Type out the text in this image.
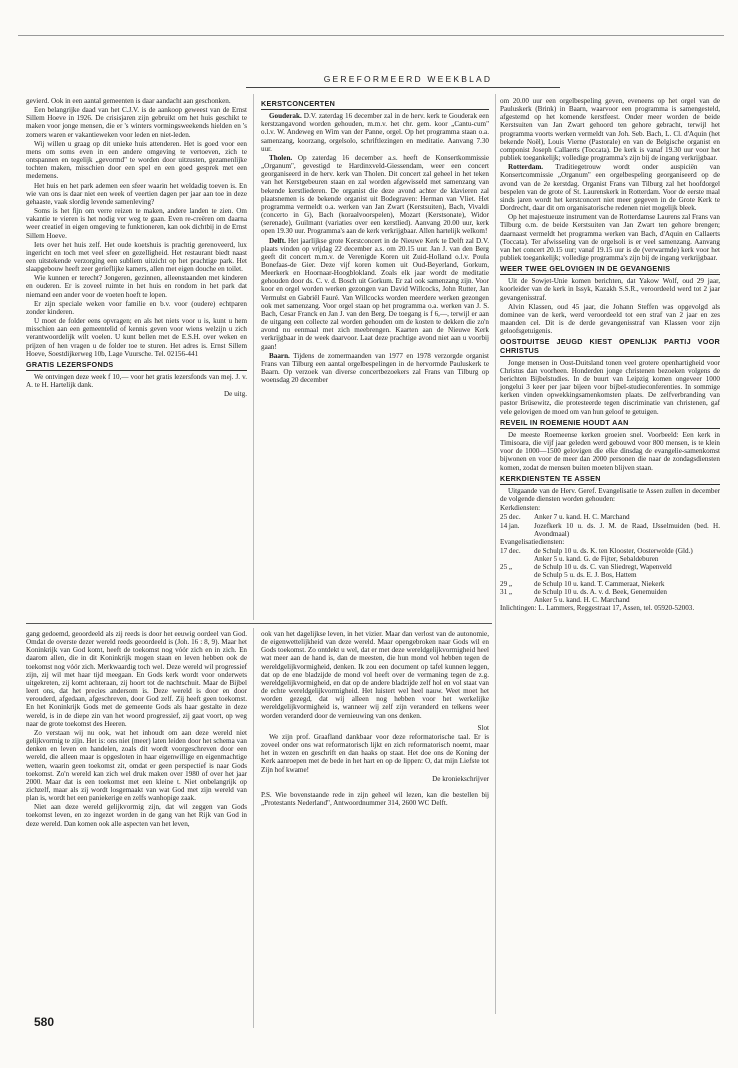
GEREFORMEERD WEEKBLAD

gevierd. Ook in een aantal gemeenten is daar aandacht aan geschonken.

Een belangrijke daad van het C.J.V. is de aankoop geweest van de Ernst Sillem Hoeve in 1926. De crisisjaren zijn gebruikt om het huis geschikt te maken voor jonge mensen, die er 's winters vormingsweekends hielden en 's zomers waren er vakantieweken voor leden en niet-leden.

Wij willen u graag op dit unieke huis attenderen. Het is goed voor een mens om soms even in een andere omgeving te vertoeven, zich te ontspannen en tegelijk „gevormd" te worden door uitzusten, gezamenlijke tochten maken, misschien door een spel en een goed gesprek met een medemens.

Het huis en het park ademen een sfeer waarin het weldadig toeven is. En wie van ons is daar niet een week of veertien dagen per jaar aan toe in deze gehaaste, vaak slordig levende samenleving?

Soms is het fijn om verre reizen te maken, andere landen te zien. Om vakantie te vieren is het nodig ver weg te gaan. Even re-creëren om daarna weer creatief in eigen omgeving te funktioneren, kan ook dichtbij in de Ernst Sillem Hoeve.

Iets over het huis zelf. Het oude koetshuis is prachtig gerenoveerd, lux ingericht en toch met veel sfeer en gezelligheid. Het restaurant biedt naast een uitstekende verzorging een subliem uitzicht op het prachtige park. Het slaapgebouw heeft zeer gerieflijke kamers, allen met eigen douche en toilet.

Wie kunnen er terecht? Jongeren, gezinnen, alleenstaanden met kinderen en ouderen. Er is zoveel ruimte in het huis en rondom in het park dat niemand een ander voor de voeten hoeft te lopen.

Er zijn speciale weken voor familie en b.v. voor (oudere) echtparen zonder kinderen.

U moet de folder eens opvragen; en als het niets voor u is, kunt u hem misschien aan een gemeentelid of kennis geven voor wiens welzijn u zich verantwoordelijk wilt voelen. U kunt bellen met de E.S.H. over weken en prijzen of hen vragen u de folder toe te sturen. Het adres is. Ernst Sillem Hoeve, Soestdijkerweg 10b, Lage Vuursche. Tel. 02156-441

GRATIS LEZERSFONDS

We ontvingen deze week f 10,— voor het gratis lezersfonds van mej. J. v. A. te H. Hartelijk dank.

De uitg.

KERSTCONCERTEN

Gouderak. D.V. zaterdag 16 december zal in de herv. kerk te Gouderak een kerstzangavond worden gehouden, m.m.v. het chr. gem. koor „Cantu-cum" o.l.v. W. Andeweg en Wim van der Panne, orgel. Op het programma staan o.a. samenzang, koorzang, orgelsolo, schriftlezingen en meditatie. Aanvang 7.30 uur.

Tholen. Op zaterdag 16 december a.s. heeft de Konsertkommissie „Organum", gevestigd te Hardinxveld-Giessendam, weer een concert georganiseerd in de herv. kerk van Tholen. Dit concert zal geheel in het teken van het Kerstgebeuren staan en zal worden afgewisseld met samenzang van bekende kerstliederen. De organist die deze avond achter de klavieren zal plaatsnemen is de bekende organist uit Bodegraven: Herman van Vliet. Het programma vermeldt o.a. werken van Jan Zwart (Kerstsuiten), Bach, Vivaldi (concerto in G), Bach (koraalvoorspelen), Mozart (Kerstsonate), Widor (serenade), Guilmant (variaties over een kerstlied). Aanvang 20.00 uur, kerk open 19.30 uur. Programma's aan de kerk verkrijgbaar. Allen hartelijk welkom!

Delft. Het jaarlijkse grote Kerstconcert in de Nieuwe Kerk te Delft zal D.V. plaats vinden op vrijdag 22 december a.s. om 20.15 uur. Jan J. van den Berg geeft dit concert m.m.v. de Verenigde Koren uit Zuid-Holland o.l.v. Poula Bonefaas-de Gier. Deze vijf koren komen uit Oud-Beyerland, Gorkum, Meerkerk en Hoornaar-Hoogblokland. Zoals elk jaar wordt de meditatie gehouden door ds. C. v. d. Bosch uit Gorkum. Er zal ook samenzang zijn. Voor koor en orgel worden werken gezongen van David Willcocks, John Rutter, Jan Vermulst en Gabriël Fauré. Van Willcocks worden meerdere werken gezongen ook met samenzang. Voor orgel staan op het programma o.a. werken van J. S. Bach, Cesar Franck en Jan J. van den Berg. De toegang is f 6,—, terwijl er aan de uitgang een collecte zal worden gehouden om de kosten te dekken die zo'n avond nu eenmaal met zich meebrengen. Kaarten aan de Nieuwe Kerk verkrijgbaar in de week daarvoor. Laat deze prachtige avond niet aan u voorbij gaan!

Baarn. Tijdens de zomermaanden van 1977 en 1978 verzorgde organist Frans van Tilburg een aantal orgelbespelingen in de hervormde Pauluskerk te Baarn. Op verzoek van diverse concertbezoekers zal Frans van Tilburg op woensdag 20 december

om 20.00 uur een orgelbespeling geven, eveneens op het orgel van de Pauluskerk (Brink) in Baarn, waarvoor een programma is samengesteld, afgestemd op het komende kerstfeest. Onder meer worden de beide Kerstsuiten van Jan Zwart gehoord ten gehore gebracht, terwijl het programma voorts werken vermeldt van Joh. Seb. Bach, L. Cl. d'Aquin (het bekende Noël), Louis Vierne (Pastorale) en van de Belgische organist en componist Joseph Callaerts (Toccata). De kerk is vanaf 19.30 uur voor het publiek toegankelijk; volledige programma's zijn bij de ingang verkrijgbaar.

Rotterdam. Traditiegetrouw wordt onder auspiciën van Konsertcommissie „Organum" een orgelbespeling georganiseerd op de avond van de 2e kerstdag. Organist Frans van Tilburg zal het hoofdorgel bespelen van de grote of St. Laurenskerk in Rotterdam. Voor de eerste maal sinds jaren wordt het kerstconcert niet meer gegeven in de Grote Kerk te Dordrecht, daar dit om organisatorische redenen niet mogelijk bleek.

Op het majestueuze instrument van de Rotterdamse Laurens zal Frans van Tilburg o.m. de beide Kerstsuiten van Jan Zwart ten gehore brengen; daarnaast vermeldt het programma werken van Bach, d'Aquin en Callaerts (Toccata). Ter afwisseling van de orgelsoli is er veel samenzang. Aanvang van het concert 20.15 uur; vanaf 19.15 uur is de (verwarmde) kerk voor het publiek toegankelijk; volledige programma's zijn bij de ingang verkrijgbaar.

WEER TWEE GELOVIGEN IN DE GEVANGENIS

Uit de Sowjet-Unie komen berichten, dat Yakow Wolf, oud 29 jaar, koorleider van de kerk in Issyk, Kazakh S.S.R., veroordeeld werd tot 2 jaar gevangenisstraf.

Alvin Klassen, oud 45 jaar, die Johann Steffen was opgevolgd als dominee van de kerk, werd veroordeeld tot een straf van 2 jaar en zes maanden cel. Dit is de derde gevangenisstraf van Klassen voor zijn geloofsgetuigenis.

OOSTDUITSE JEUGD KIEST OPENLIJK PARTIJ VOOR CHRISTUS

Jonge mensen in Oost-Duitsland tonen veel grotere openhartigheid voor Christus dan voorheen. Honderden jonge christenen bezoeken volgens de berichten Bijbelstudies. In de buurt van Leipzig komen ongeveer 1000 jongelui 3 keer per jaar bijeen voor bijbel-studieconferenties. In sommige kerken vinden opwekkingsamenkomsten plaats. De zelfverbranding van pastor Brüsewitz, die protesteerde tegen discriminatie van christenen, gaf vele gelovigen de moed om van hun geloof te getuigen.

REVEIL IN ROEMENIE HOUDT AAN

De meeste Roemeense kerken groeien snel. Voorbeeld: Een kerk in Timisoara, die vijf jaar geleden werd gebouwd voor 800 mensen, is te klein voor de 1000—1500 gelovigen die elke dinsdag de evangelie-samenkomst bijwonen en voor de meer dan 2000 personen die naar de zondagsdiensten komen, zodat de mensen buiten moeten blijven staan.

KERKDIENSTEN TE ASSEN

Uitgaande van de Herv. Geref. Evangelisatie te Assen zullen in december de volgende diensten worden gehouden:

Kerkdiensten:

25 dec.	Anker 7 u. kand. H. C. Marchand
14 jan.	Jozefkerk 10 u. ds. J. M. de Raad, IJsselmuiden (bed. H. Avondmaal)

Evangelisatiediensten:

17 dec.	de Schulp 10 u. ds. K. ten Klooster, Oosterwolde (Gld.)
Anker 5 u. kand. G. de Fijter, Sebaldeburen
25 „	de Schulp 10 u. ds. C. van Sliedregt, Wapenveld
de Schulp 5 u. ds. E. J. Bos, Hattem
29 „	de Schulp 10 u. kand. T. Cammeraat, Niekerk
31 „	de Schulp 10 u. ds. A. v. d. Beek, Genemuiden
Anker 5 u. kand. H. C. Marchand

Inlichtingen: L. Lammers, Reggestraat 17, Assen, tel. 05920-52003.

gang gedoemd, geoordeeld als zij reeds is door het eeuwig oordeel van God. Omdat de overste dezer wereld reeds geoordeeld is (Joh. 16 : 8, 9). Maar het Koninkrijk van God komt, heeft de toekomst nog vóór zich en in zich. En daarom allen, die in dit Koninkrijk mogen staan en leven hebben ook de toekomst nog vóór zich. Merkwaardig toch wel. Deze wereld wil progressief zijn, zij wil met haar tijd meegaan. En Gods kerk wordt voor onderwets uitgekreten, zij komt achteraan, zij hoort tot de nachtschuit. Maar de Bijbel leert ons, dat het precies andersom is. Deze wereld is door en door verouderd, afgedaan, afgeschreven, door God zelf. Zij heeft geen toekomst. En het Koninkrijk Gods met de gemeente Gods als haar gestalte in deze wereld, is in de diepe zin van het woord progressief, zij gaat voort, op weg naar de grote toekomst des Heeren.

Zo verstaan wij nu ook, wat het inhoudt om aan deze wereld niet gelijkvormig te zijn. Het is: ons niet (meer) laten leiden door het schema van denken en leven en handelen, zoals dit wordt voorgeschreven door een wereld, die alleen maar is opgesloten in haar eigenwillige en eigenmachtige wetten, waarin geen toekomst zit, omdat er geen perspectief is naar Gods toekomst. Zo'n wereld kan zich wel druk maken over 1980 of over het jaar 2000. Maar dat is een toekomst met een kleine t. Niet onbelangrijk op zichzelf, maar als zij wordt losgemaakt van wat God met zijn wereld van plan is, wordt het een paniekerige en zelfs wanhopige zaak.

Niet aan deze wereld gelijkvormig zijn, dat wil zeggen van Gods toekomst leven, en zo ingezet worden in de gang van het Rijk van God in deze wereld. Dan komen ook alle aspecten van het leven,

ook van het dagelijkse leven, in het vizier. Maar dan verlost van de autonomie, de eigenwettelijkheid van deze wereld. Maar opengebroken naar Gods wil en Gods toekomst. Zo ontdekt u wel, dat er met deze wereldgelijkvormigheid heel wat meer aan de hand is, dan de meesten, die hun mond vol hebben tegen de wereldgelijkvormigheid, denken. Ik zou een document op tafel kunnen leggen, dat op de ene bladzijde de mond vol heeft over de vermaning tegen de z.g. wereldgelijkvormigheid, en dat op de andere bladzijde zelf hol en vol staat van de echte wereldgelijkvormigheid. Het luistert wel heel nauw. Weet moet het worden gezegd, dat wij alleen nog hebben voor het werkelijke wereldgelijkvormigheid is, wanneer wij zelf zijn veranderd en telkens weer worden veranderd door de vernieuwing van ons denken.

Slot

We zijn prof. Graafland dankbaar voor deze reformatorische taal. Er is zoveel onder ons wat reformatorisch lijkt en zich reformatorisch noemt, maar het in wezen en geschrift en dan haaks op staat. Het doe ons de Koning der Kerk aanroepen met de bede in het hart en op de lippen: O, dat mijn Liefste tot Zijn hof kwame!

De kroniekschrijver

P.S. Wie bovenstaande rede in zijn geheel wil lezen, kan die bestellen bij „Protestants Nederland", Antwoordnummer 314, 2600 WC Delft.

580
